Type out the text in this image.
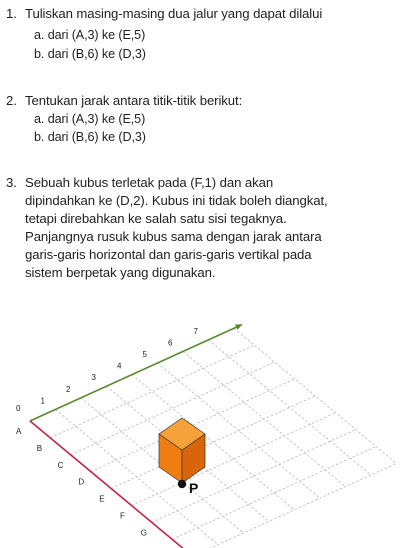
1. Tuliskan masing-masing dua jalur yang dapat dilalui
a. dari (A,3) ke (E,5)
b. dari (B,6) ke (D,3)
2. Tentukan jarak antara titik-titik berikut:
a. dari (A,3) ke (E,5)
b. dari (B,6) ke (D,3)
3. Sebuah kubus terletak pada (F,1) dan akan
dipindahkan ke (D,2). Kubus ini tidak boleh diangkat,
tetapi direbahkan ke salah satu sisi tegaknya.
Panjangnya rusuk kubus sama dengan jarak antara
garis-garis horizontal dan garis-garis vertikal pada
sistem berpetak yang digunakan.
0
1
2
3
4
5
6
7
A
B
C
D
E
F
G
P
